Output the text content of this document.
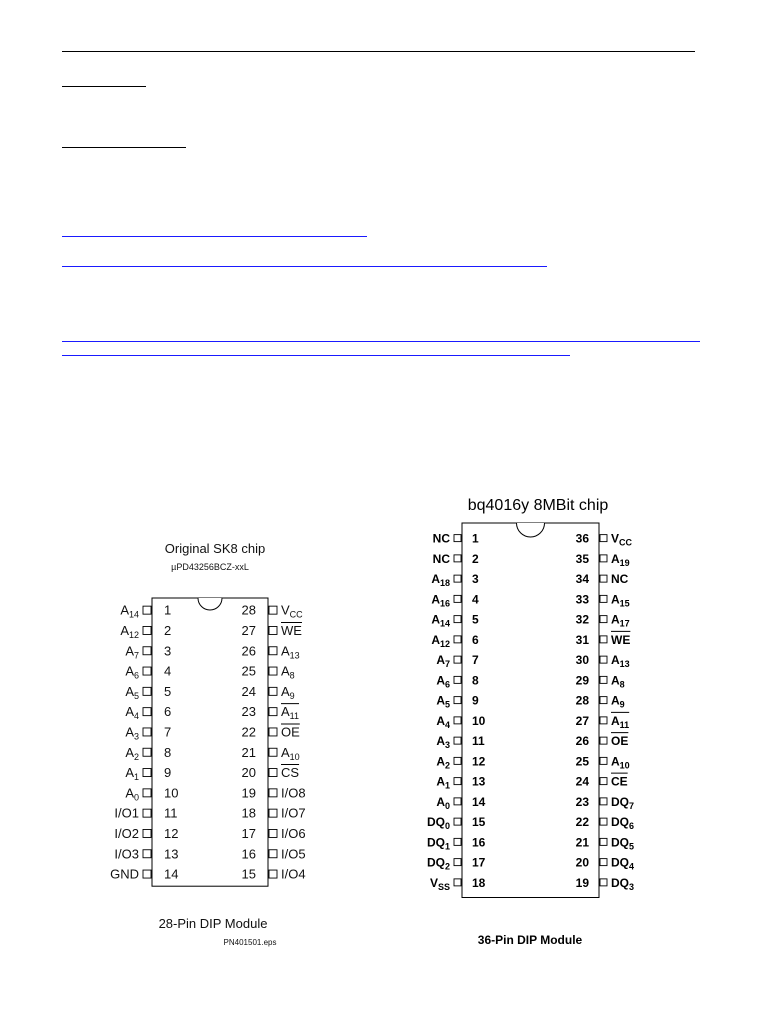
Original SK8 chip
µPD43256BCZ-xxL
$A_{14}$ 1
$A_{12}$ 2
$A_7$ 3
$A_6$ 4
$A_5$ 5
$A_4$ 6
$A_3$ 7
$A_2$ 8
$A_1$ 9
$A_0$ 10
I/O1 11
I/O2 12
I/O3 13
GND 14
28 $V_{CC}$
27 WE
26 $A_{13}$
25 $A_8$
24 $A_9$
23 $A_{11}$
22 OE
21 $A_{10}$
20 CS
19 I/O8
18 I/O7
17 I/O6
16 I/O5
15 I/O4
28-Pin DIP Module
PN401501.eps
bq4016y 8MBit chip
NC 1
NC 2
$A_{18}$ 3
$A_{16}$ 4
$A_{14}$ 5
$A_{12}$ 6
$A_7$ 7
$A_6$ 8
$A_5$ 9
$A_4$ 10
$A_3$ 11
$A_2$ 12
$A_1$ 13
$A_0$ 14
$DQ_0$ 15
$DQ_1$ 16
$DQ_2$ 17
$V_{SS}$ 18
36 $V_{CC}$
35 $A_{19}$
34 NC
33 $A_{15}$
32 $A_{17}$
31 WE
30 $A_{13}$
29 $A_8$
28 $A_9$
27 $A_{11}$
26 OE
25 $A_{10}$
24 CE
23 $DQ_7$
22 $DQ_6$
21 $DQ_5$
20 $DQ_4$
19 $DQ_3$
36-Pin DIP Module
